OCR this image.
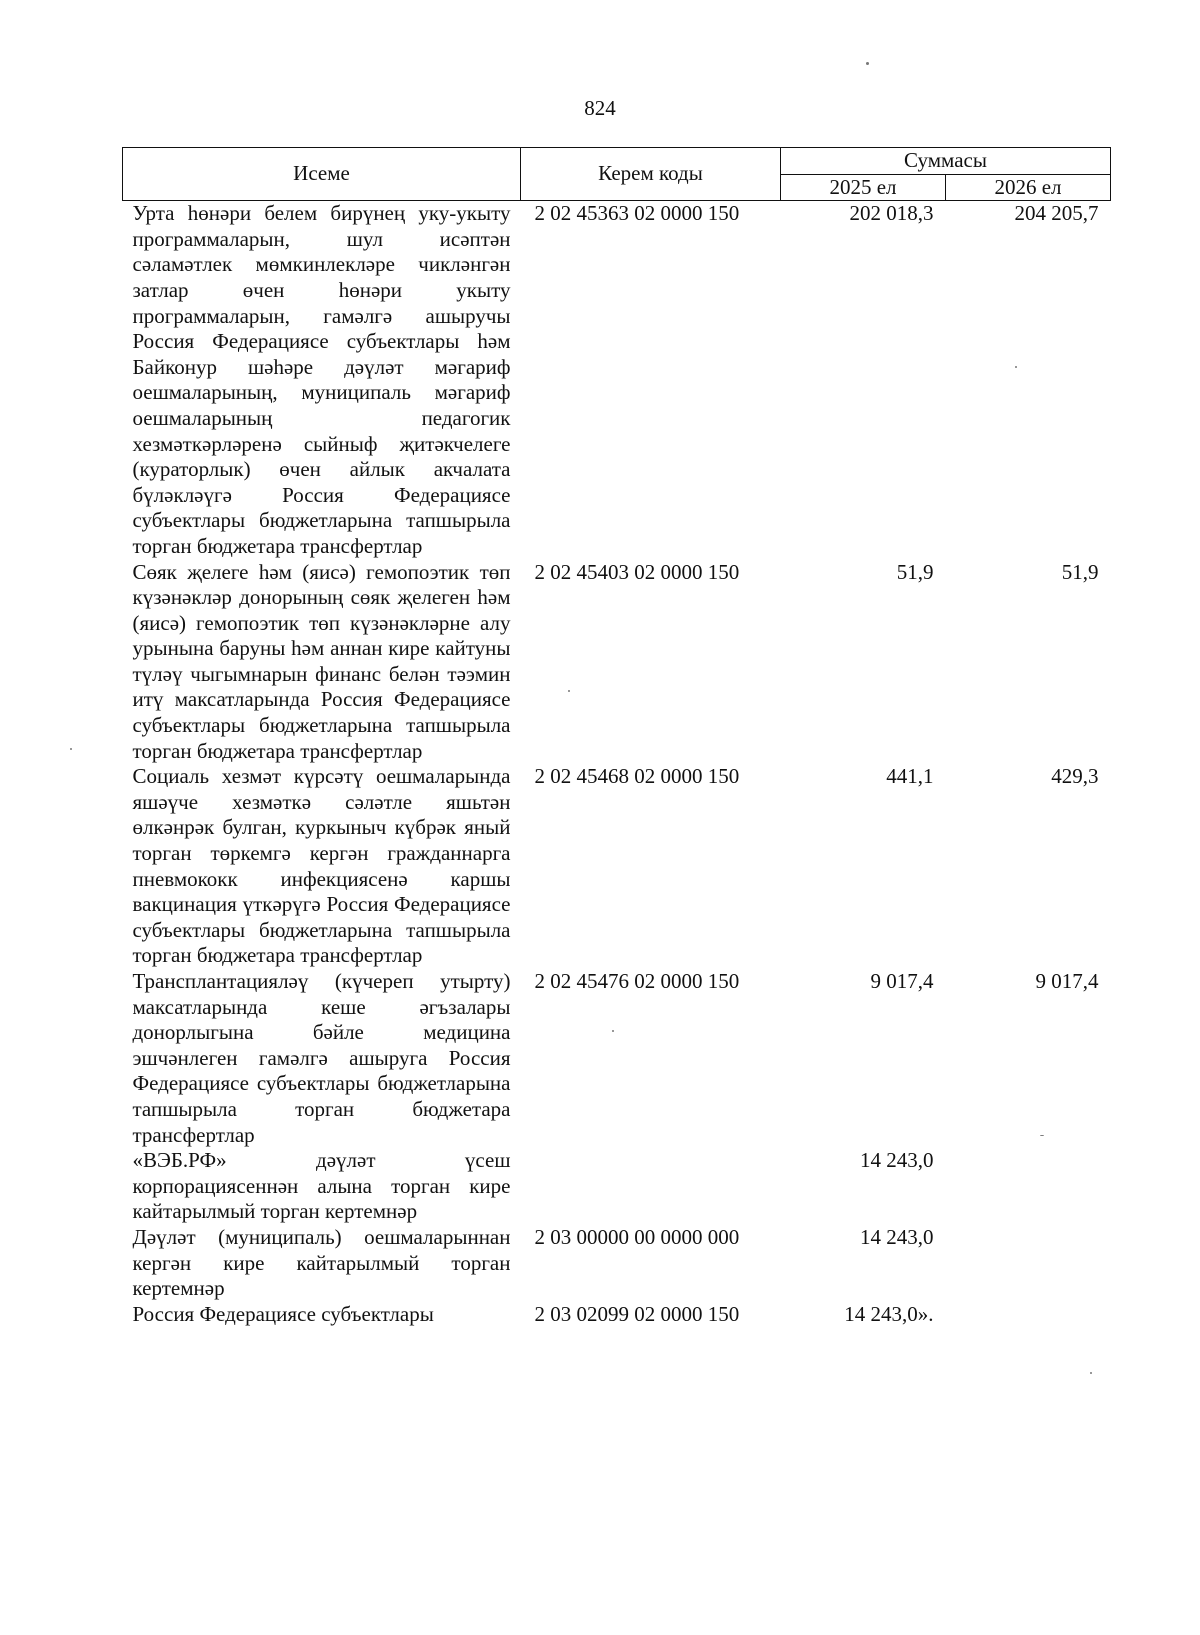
824
Исеме	Керем коды	Суммасы	
		2025 ел	2026 ел
Урта һөнәри белем бирүнең уку-укыту программаларын, шул исәптән сәламәтлек мөмкинлекләре чикләнгән затлар өчен һөнәри укыту программаларын, гамәлгә ашыручы Россия Федерациясе субъектлары һәм Байконур шәһәре дәүләт мәгариф оешмаларының, муниципаль мәгариф оешмаларының педагогик хезмәткәрләренә сыйныф җитәкчелеге (кураторлык) өчен айлык акчалата бүләкләүгә Россия Федерациясе субъектлары бюджетларына тапшырыла торган бюджетара трансфертлар	2 02 45363 02 0000 150	202 018,3	204 205,7
Сөяк җелеге һәм (яисә) гемопоэтик төп күзәнәкләр донорының сөяк җелеген һәм (яисә) гемопоэтик төп күзәнәкләрне алу урынына баруны һәм аннан кире кайтуны түләү чыгымнарын финанс белән тәэмин итү максатларында Россия Федерациясе субъектлары бюджетларына тапшырыла торган бюджетара трансфертлар	2 02 45403 02 0000 150	51,9	51,9
Социаль хезмәт күрсәтү оешмаларында яшәүче хезмәткә сәләтле яшьтән өлкәнрәк булган, куркыныч күбрәк яный торган төркемгә кергән гражданнарга пневмококк инфекциясенә каршы вакцинация үткәрүгә Россия Федерациясе субъектлары бюджетларына тапшырыла торган бюджетара трансфертлар	2 02 45468 02 0000 150	441,1	429,3
Трансплантацияләү (күчереп утырту) максатларында кеше әгъзалары донорлыгына бәйле медицина эшчәнлеген гамәлгә ашыруга Россия Федерациясе субъектлары бюджетларына тапшырыла торган бюджетара трансфертлар	2 02 45476 02 0000 150	9 017,4	9 017,4
«ВЭБ.РФ» дәүләт үсеш корпорациясеннән алына торган кире кайтарылмый торган кертемнәр		14 243,0	
Дәүләт (муниципаль) оешмаларыннан кергән кире кайтарылмый торган кертемнәр	2 03 00000 00 0000 000	14 243,0	
Россия Федерациясе субъектлары	2 03 02099 02 0000 150	14 243,0».	
